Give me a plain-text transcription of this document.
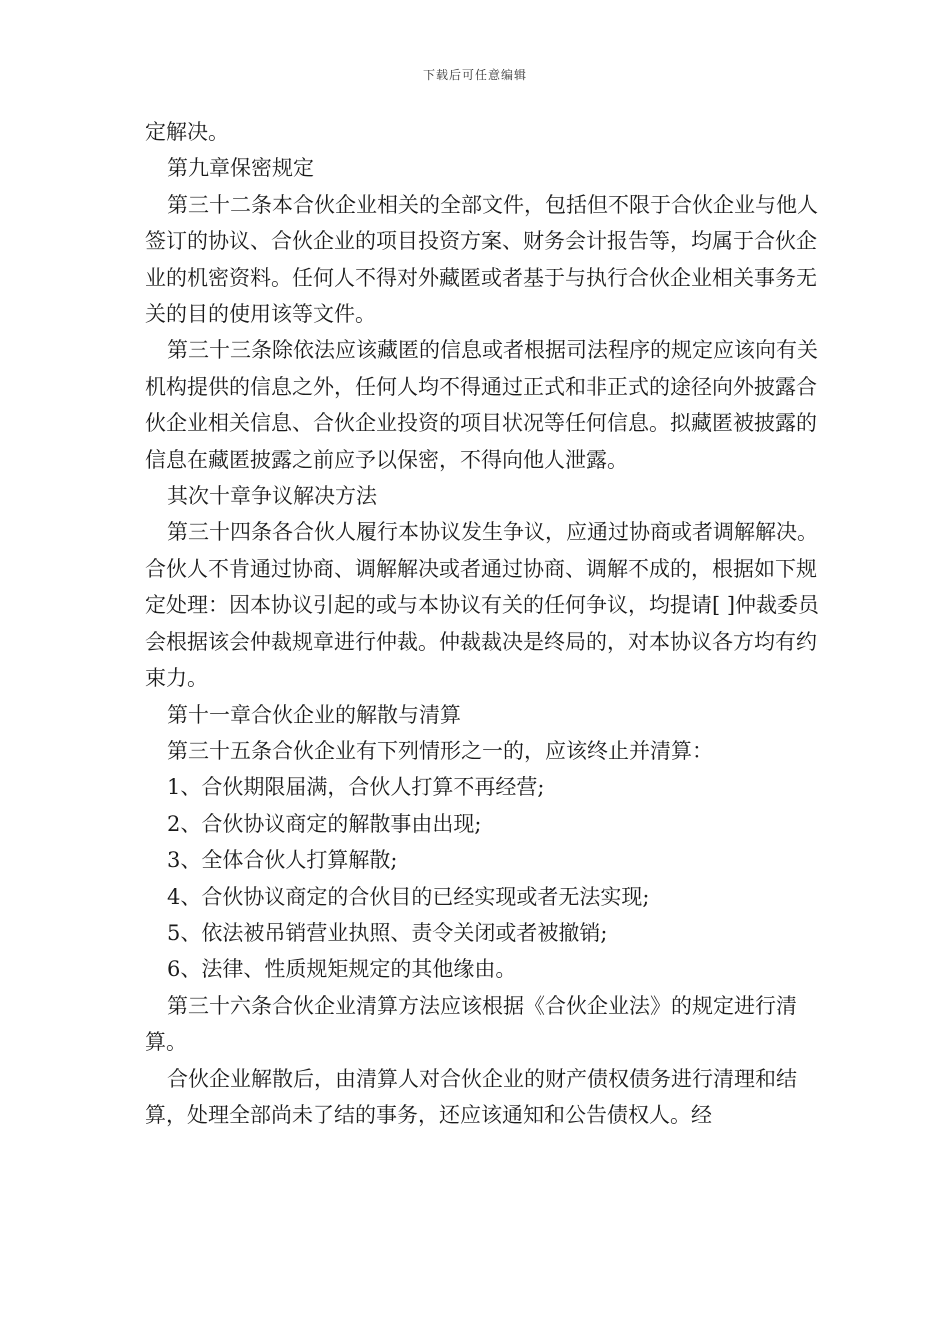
下载后可任意编辑

定解决。

第九章保密规定

第三十二条本合伙企业相关的全部文件，包括但不限于合伙企业与他人签订的协议、合伙企业的项目投资方案、财务会计报告等，均属于合伙企业的机密资料。任何人不得对外藏匿或者基于与执行合伙企业相关事务无关的目的使用该等文件。

第三十三条除依法应该藏匿的信息或者根据司法程序的规定应该向有关机构提供的信息之外，任何人均不得通过正式和非正式的途径向外披露合伙企业相关信息、合伙企业投资的项目状况等任何信息。拟藏匿被披露的信息在藏匿披露之前应予以保密，不得向他人泄露。

其次十章争议解决方法

第三十四条各合伙人履行本协议发生争议，应通过协商或者调解解决。合伙人不肯通过协商、调解解决或者通过协商、调解不成的，根据如下规定处理：因本协议引起的或与本协议有关的任何争议，均提请[ ]仲裁委员会根据该会仲裁规章进行仲裁。仲裁裁决是终局的，对本协议各方均有约束力。

第十一章合伙企业的解散与清算

第三十五条合伙企业有下列情形之一的，应该终止并清算：

1、合伙期限届满，合伙人打算不再经营;

2、合伙协议商定的解散事由出现;

3、全体合伙人打算解散;

4、合伙协议商定的合伙目的已经实现或者无法实现;

5、依法被吊销营业执照、责令关闭或者被撤销;

6、法律、性质规矩规定的其他缘由。

第三十六条合伙企业清算方法应该根据《合伙企业法》的规定进行清算。

合伙企业解散后，由清算人对合伙企业的财产债权债务进行清理和结算，处理全部尚未了结的事务，还应该通知和公告债权人。经
